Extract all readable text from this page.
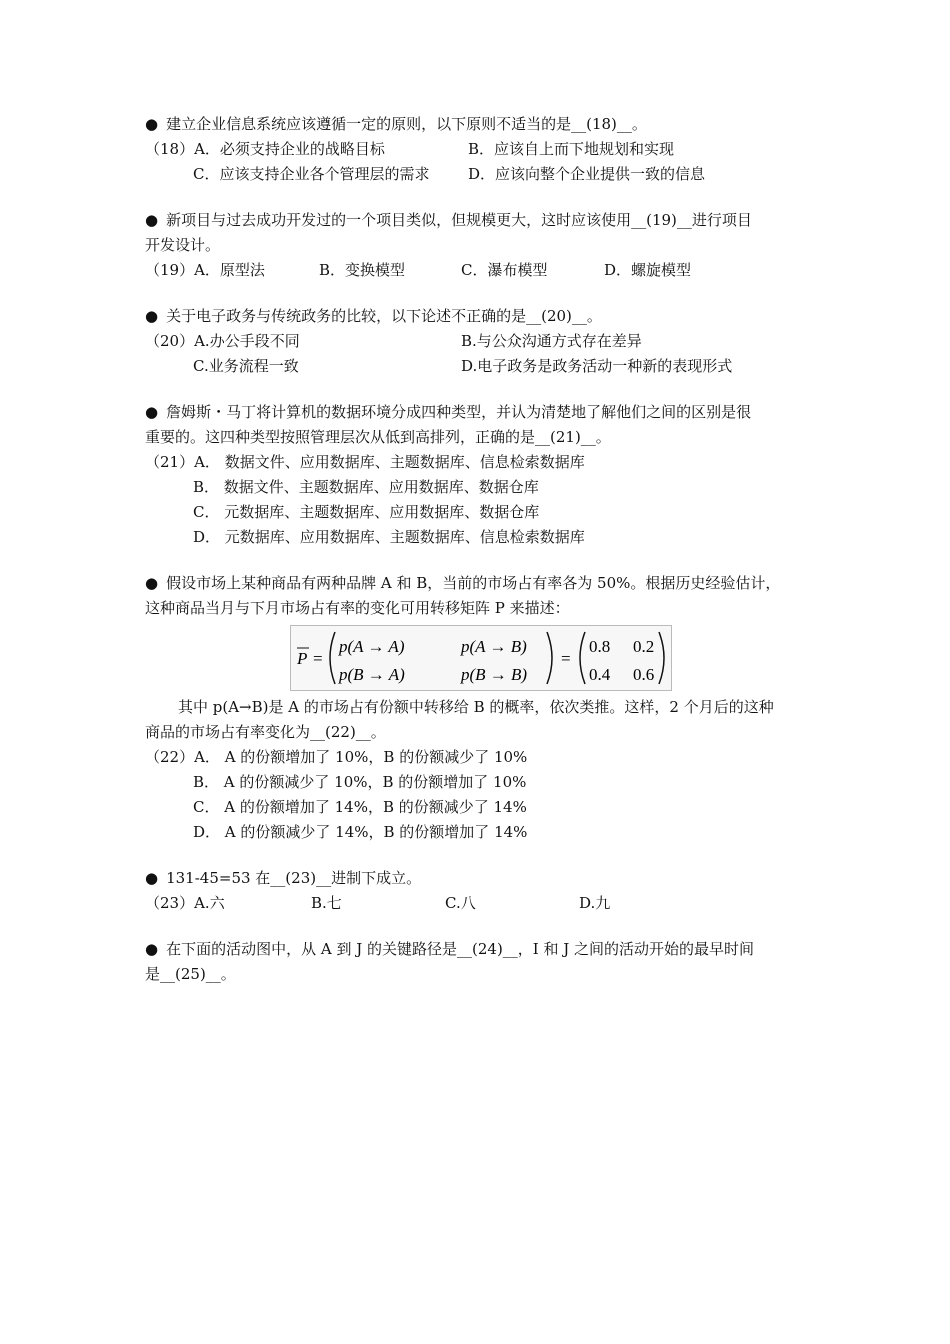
● 建立企业信息系统应该遵循一定的原则，以下原则不适当的是__(18)__。
（18）A．必须支持企业的战略目标	B．应该自上而下地规划和实现
C．应该支持企业各个管理层的需求	D．应该向整个企业提供一致的信息
● 新项目与过去成功开发过的一个项目类似，但规模更大，这时应该使用__(19)__进行项目
开发设计。
（19）A．原型法	B．变换模型	C．瀑布模型	D．螺旋模型
● 关于电子政务与传统政务的比较，以下论述不正确的是__(20)__。
（20）A.办公手段不同	B.与公众沟通方式存在差异
C.业务流程一致	D.电子政务是政务活动一种新的表现形式
● 詹姆斯・马丁将计算机的数据环境分成四种类型，并认为清楚地了解他们之间的区别是很
重要的。这四种类型按照管理层次从低到高排列，正确的是__(21)__。
（21）A． 数据文件、应用数据库、主题数据库、信息检索数据库
B． 数据文件、主题数据库、应用数据库、数据仓库
C． 元数据库、主题数据库、应用数据库、数据仓库
D． 元数据库、应用数据库、主题数据库、信息检索数据库
● 假设市场上某种商品有两种品牌 A 和 B，当前的市场占有率各为 50%。根据历史经验估计，
这种商品当月与下月市场占有率的变化可用转移矩阵 P 来描述：
P =
p(A → A)	p(A → B)
p(B → A)	p(B → B)
=
0.8 0.2
0.4 0.6
其中 p(A→B)是 A 的市场占有份额中转移给 B 的概率，依次类推。这样，2 个月后的这种
商品的市场占有率变化为__(22)__。
（22）A． A 的份额增加了 10%，B 的份额减少了 10%
B． A 的份额减少了 10%，B 的份额增加了 10%
C． A 的份额增加了 14%，B 的份额减少了 14%
D． A 的份额减少了 14%，B 的份额增加了 14%
● 131-45=53 在__(23)__进制下成立。
（23）A.六	B.七	C.八	D.九
● 在下面的活动图中，从 A 到 J 的关键路径是__(24)__，I 和 J 之间的活动开始的最早时间
是__(25)__。
